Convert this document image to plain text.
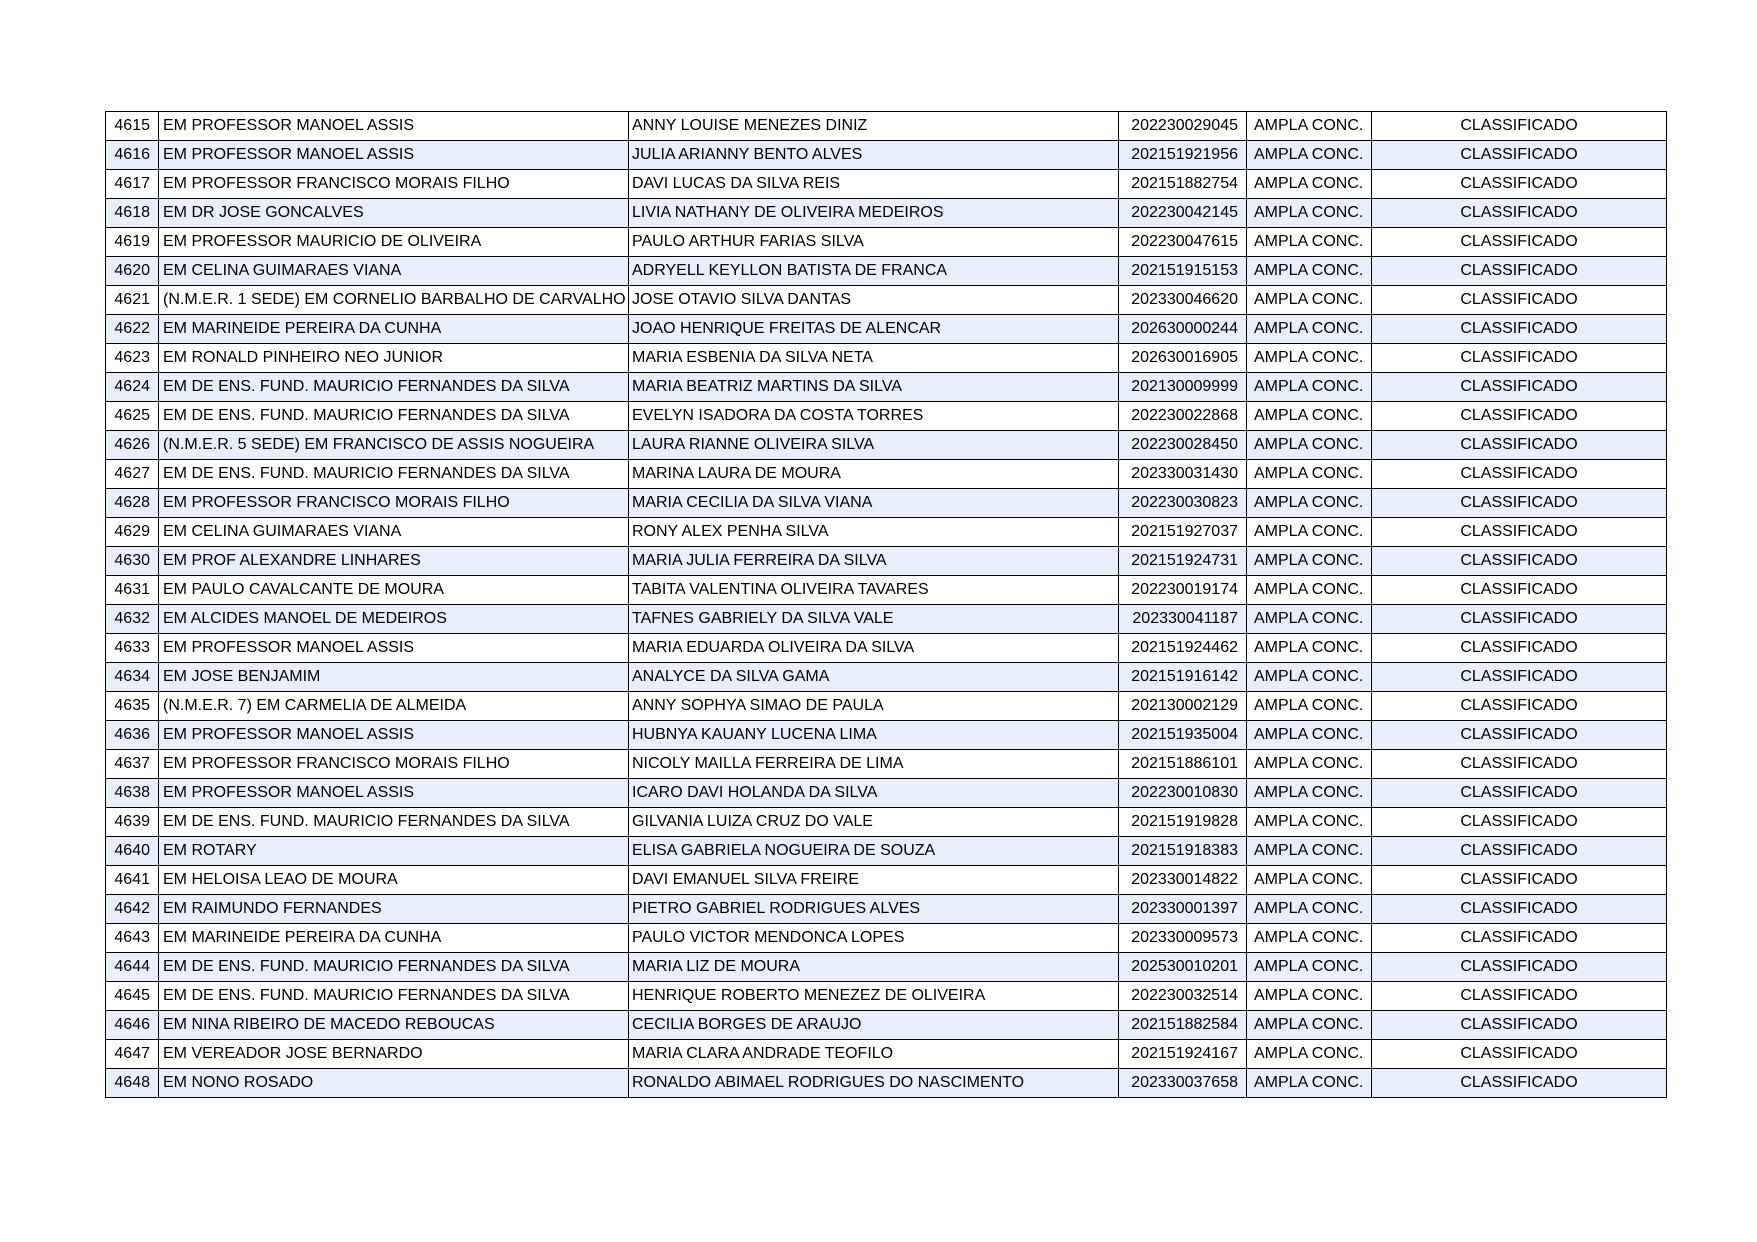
4615	EM PROFESSOR MANOEL ASSIS	ANNY LOUISE MENEZES DINIZ	202230029045	AMPLA CONC.	CLASSIFICADO
4616	EM PROFESSOR MANOEL ASSIS	JULIA ARIANNY BENTO ALVES	202151921956	AMPLA CONC.	CLASSIFICADO
4617	EM PROFESSOR FRANCISCO MORAIS FILHO	DAVI LUCAS DA SILVA REIS	202151882754	AMPLA CONC.	CLASSIFICADO
4618	EM DR JOSE GONCALVES	LIVIA NATHANY DE OLIVEIRA MEDEIROS	202230042145	AMPLA CONC.	CLASSIFICADO
4619	EM PROFESSOR MAURICIO DE OLIVEIRA	PAULO ARTHUR FARIAS SILVA	202230047615	AMPLA CONC.	CLASSIFICADO
4620	EM CELINA GUIMARAES VIANA	ADRYELL KEYLLON BATISTA DE FRANCA	202151915153	AMPLA CONC.	CLASSIFICADO
4621	(N.M.E.R. 1 SEDE) EM CORNELIO BARBALHO DE CARVALHO	JOSE OTAVIO SILVA DANTAS	202330046620	AMPLA CONC.	CLASSIFICADO
4622	EM MARINEIDE PEREIRA DA CUNHA	JOAO HENRIQUE FREITAS DE ALENCAR	202630000244	AMPLA CONC.	CLASSIFICADO
4623	EM RONALD PINHEIRO NEO JUNIOR	MARIA ESBENIA DA SILVA NETA	202630016905	AMPLA CONC.	CLASSIFICADO
4624	EM DE ENS. FUND. MAURICIO FERNANDES DA SILVA	MARIA BEATRIZ MARTINS DA SILVA	202130009999	AMPLA CONC.	CLASSIFICADO
4625	EM DE ENS. FUND. MAURICIO FERNANDES DA SILVA	EVELYN ISADORA DA COSTA TORRES	202230022868	AMPLA CONC.	CLASSIFICADO
4626	(N.M.E.R. 5 SEDE) EM FRANCISCO DE ASSIS NOGUEIRA	LAURA RIANNE OLIVEIRA SILVA	202230028450	AMPLA CONC.	CLASSIFICADO
4627	EM DE ENS. FUND. MAURICIO FERNANDES DA SILVA	MARINA LAURA DE MOURA	202330031430	AMPLA CONC.	CLASSIFICADO
4628	EM PROFESSOR FRANCISCO MORAIS FILHO	MARIA CECILIA DA SILVA VIANA	202230030823	AMPLA CONC.	CLASSIFICADO
4629	EM CELINA GUIMARAES VIANA	RONY ALEX PENHA SILVA	202151927037	AMPLA CONC.	CLASSIFICADO
4630	EM PROF ALEXANDRE LINHARES	MARIA JULIA FERREIRA DA SILVA	202151924731	AMPLA CONC.	CLASSIFICADO
4631	EM PAULO CAVALCANTE DE MOURA	TABITA VALENTINA OLIVEIRA TAVARES	202230019174	AMPLA CONC.	CLASSIFICADO
4632	EM ALCIDES MANOEL DE MEDEIROS	TAFNES GABRIELY DA SILVA VALE	202330041187	AMPLA CONC.	CLASSIFICADO
4633	EM PROFESSOR MANOEL ASSIS	MARIA EDUARDA OLIVEIRA DA SILVA	202151924462	AMPLA CONC.	CLASSIFICADO
4634	EM JOSE BENJAMIM	ANALYCE DA SILVA GAMA	202151916142	AMPLA CONC.	CLASSIFICADO
4635	(N.M.E.R. 7) EM CARMELIA DE ALMEIDA	ANNY SOPHYA SIMAO DE PAULA	202130002129	AMPLA CONC.	CLASSIFICADO
4636	EM PROFESSOR MANOEL ASSIS	HUBNYA KAUANY LUCENA LIMA	202151935004	AMPLA CONC.	CLASSIFICADO
4637	EM PROFESSOR FRANCISCO MORAIS FILHO	NICOLY MAILLA FERREIRA DE LIMA	202151886101	AMPLA CONC.	CLASSIFICADO
4638	EM PROFESSOR MANOEL ASSIS	ICARO DAVI HOLANDA DA SILVA	202230010830	AMPLA CONC.	CLASSIFICADO
4639	EM DE ENS. FUND. MAURICIO FERNANDES DA SILVA	GILVANIA LUIZA CRUZ DO VALE	202151919828	AMPLA CONC.	CLASSIFICADO
4640	EM ROTARY	ELISA GABRIELA NOGUEIRA DE SOUZA	202151918383	AMPLA CONC.	CLASSIFICADO
4641	EM HELOISA LEAO DE MOURA	DAVI EMANUEL SILVA FREIRE	202330014822	AMPLA CONC.	CLASSIFICADO
4642	EM RAIMUNDO FERNANDES	PIETRO GABRIEL RODRIGUES ALVES	202330001397	AMPLA CONC.	CLASSIFICADO
4643	EM MARINEIDE PEREIRA DA CUNHA	PAULO VICTOR MENDONCA LOPES	202330009573	AMPLA CONC.	CLASSIFICADO
4644	EM DE ENS. FUND. MAURICIO FERNANDES DA SILVA	MARIA LIZ DE MOURA	202530010201	AMPLA CONC.	CLASSIFICADO
4645	EM DE ENS. FUND. MAURICIO FERNANDES DA SILVA	HENRIQUE ROBERTO MENEZEZ DE OLIVEIRA	202230032514	AMPLA CONC.	CLASSIFICADO
4646	EM NINA RIBEIRO DE MACEDO REBOUCAS	CECILIA BORGES DE ARAUJO	202151882584	AMPLA CONC.	CLASSIFICADO
4647	EM VEREADOR JOSE BERNARDO	MARIA CLARA ANDRADE TEOFILO	202151924167	AMPLA CONC.	CLASSIFICADO
4648	EM NONO ROSADO	RONALDO ABIMAEL RODRIGUES DO NASCIMENTO	202330037658	AMPLA CONC.	CLASSIFICADO
